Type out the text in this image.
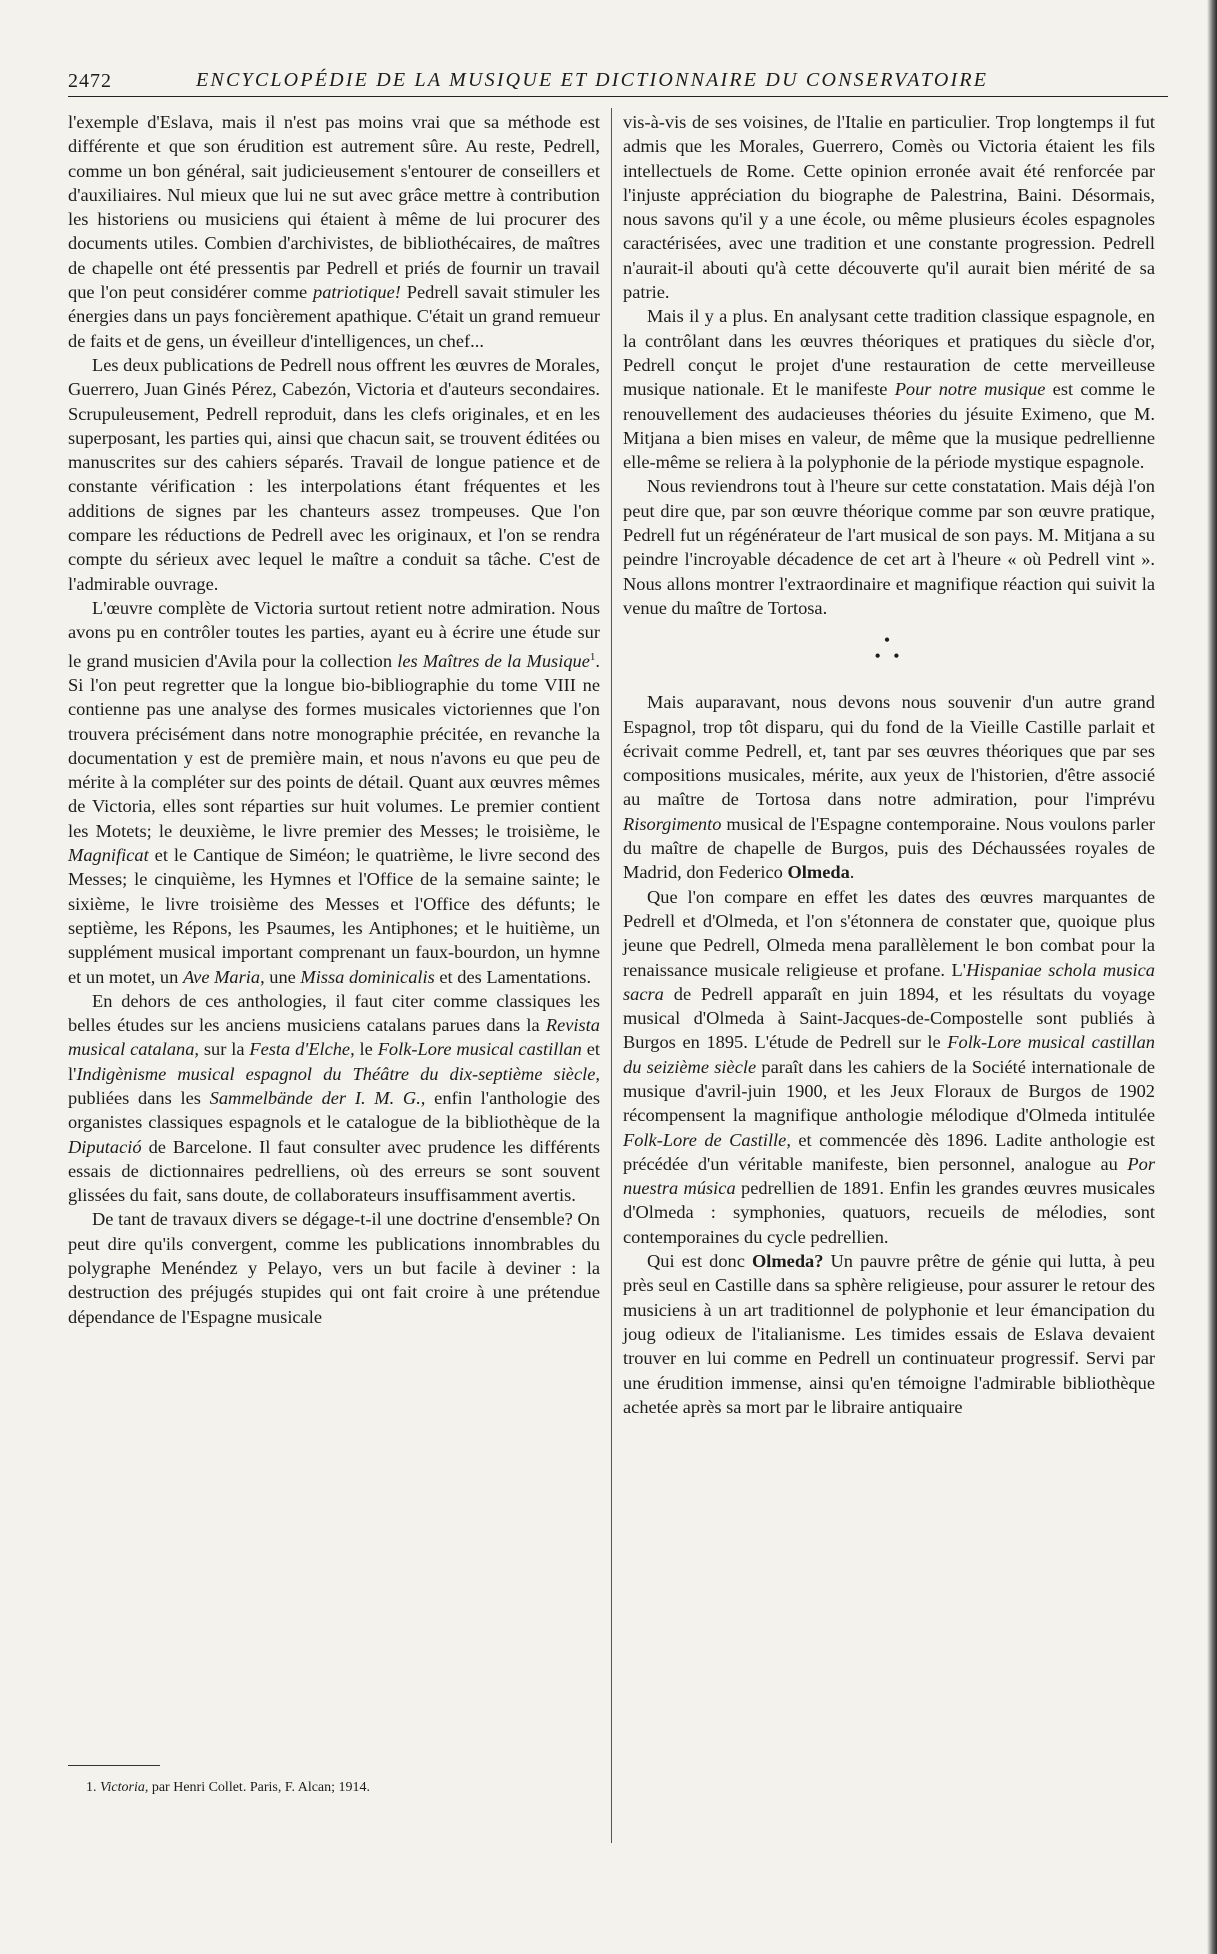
2472	ENCYCLOPÉDIE DE LA MUSIQUE ET DICTIONNAIRE DU CONSERVATOIRE

l'exemple d'Eslava, mais il n'est pas moins vrai que sa méthode est différente et que son érudition est autrement sûre. Au reste, Pedrell, comme un bon général, sait judicieusement s'entourer de conseillers et d'auxiliaires. Nul mieux que lui ne sut avec grâce mettre à contribution les historiens ou musiciens qui étaient à même de lui procurer des documents utiles. Combien d'archivistes, de bibliothécaires, de maîtres de chapelle ont été pressentis par Pedrell et priés de fournir un travail que l'on peut considérer comme patriotique! Pedrell savait stimuler les énergies dans un pays foncièrement apathique. C'était un grand remueur de faits et de gens, un éveilleur d'intelligences, un chef...

Les deux publications de Pedrell nous offrent les œuvres de Morales, Guerrero, Juan Ginés Pérez, Cabezón, Victoria et d'auteurs secondaires. Scrupuleusement, Pedrell reproduit, dans les clefs originales, et en les superposant, les parties qui, ainsi que chacun sait, se trouvent éditées ou manuscrites sur des cahiers séparés. Travail de longue patience et de constante vérification : les interpolations étant fréquentes et les additions de signes par les chanteurs assez trompeuses. Que l'on compare les réductions de Pedrell avec les originaux, et l'on se rendra compte du sérieux avec lequel le maître a conduit sa tâche. C'est de l'admirable ouvrage.

L'œuvre complète de Victoria surtout retient notre admiration. Nous avons pu en contrôler toutes les parties, ayant eu à écrire une étude sur le grand musicien d'Avila pour la collection les Maîtres de la Musique$^1$. Si l'on peut regretter que la longue bio-bibliographie du tome VIII ne contienne pas une analyse des formes musicales victoriennes que l'on trouvera précisément dans notre monographie précitée, en revanche la documentation y est de première main, et nous n'avons eu que peu de mérite à la compléter sur des points de détail. Quant aux œuvres mêmes de Victoria, elles sont réparties sur huit volumes. Le premier contient les Motets; le deuxième, le livre premier des Messes; le troisième, le Magnificat et le Cantique de Siméon; le quatrième, le livre second des Messes; le cinquième, les Hymnes et l'Office de la semaine sainte; le sixième, le livre troisième des Messes et l'Office des défunts; le septième, les Répons, les Psaumes, les Antiphones; et le huitième, un supplément musical important comprenant un faux-bourdon, un hymne et un motet, un Ave Maria, une Missa dominicalis et des Lamentations.

En dehors de ces anthologies, il faut citer comme classiques les belles études sur les anciens musiciens catalans parues dans la Revista musical catalana, sur la Festa d'Elche, le Folk-Lore musical castillan et l'Indigènisme musical espagnol du Théâtre du dix-septième siècle, publiées dans les Sammelbände der I. M. G., enfin l'anthologie des organistes classiques espagnols et le catalogue de la bibliothèque de la Diputació de Barcelone. Il faut consulter avec prudence les différents essais de dictionnaires pedrelliens, où des erreurs se sont souvent glissées du fait, sans doute, de collaborateurs insuffisamment avertis.

De tant de travaux divers se dégage-t-il une doctrine d'ensemble? On peut dire qu'ils convergent, comme les publications innombrables du polygraphe Menéndez y Pelayo, vers un but facile à deviner : la destruction des préjugés stupides qui ont fait croire à une prétendue dépendance de l'Espagne musicale

vis-à-vis de ses voisines, de l'Italie en particulier. Trop longtemps il fut admis que les Morales, Guerrero, Comès ou Victoria étaient les fils intellectuels de Rome. Cette opinion erronée avait été renforcée par l'injuste appréciation du biographe de Palestrina, Baini. Désormais, nous savons qu'il y a une école, ou même plusieurs écoles espagnoles caractérisées, avec une tradition et une constante progression. Pedrell n'aurait-il abouti qu'à cette découverte qu'il aurait bien mérité de sa patrie.

Mais il y a plus. En analysant cette tradition classique espagnole, en la contrôlant dans les œuvres théoriques et pratiques du siècle d'or, Pedrell conçut le projet d'une restauration de cette merveilleuse musique nationale. Et le manifeste Pour notre musique est comme le renouvellement des audacieuses théories du jésuite Eximeno, que M. Mitjana a bien mises en valeur, de même que la musique pedrellienne elle-même se reliera à la polyphonie de la période mystique espagnole.

Nous reviendrons tout à l'heure sur cette constatation. Mais déjà l'on peut dire que, par son œuvre théorique comme par son œuvre pratique, Pedrell fut un régénérateur de l'art musical de son pays. M. Mitjana a su peindre l'incroyable décadence de cet art à l'heure « où Pedrell vint ». Nous allons montrer l'extraordinaire et magnifique réaction qui suivit la venue du maître de Tortosa.

•
• •

Mais auparavant, nous devons nous souvenir d'un autre grand Espagnol, trop tôt disparu, qui du fond de la Vieille Castille parlait et écrivait comme Pedrell, et, tant par ses œuvres théoriques que par ses compositions musicales, mérite, aux yeux de l'historien, d'être associé au maître de Tortosa dans notre admiration, pour l'imprévu Risorgimento musical de l'Espagne contemporaine. Nous voulons parler du maître de chapelle de Burgos, puis des Déchaussées royales de Madrid, don Federico Olmeda.

Que l'on compare en effet les dates des œuvres marquantes de Pedrell et d'Olmeda, et l'on s'étonnera de constater que, quoique plus jeune que Pedrell, Olmeda mena parallèlement le bon combat pour la renaissance musicale religieuse et profane. L'Hispaniae schola musica sacra de Pedrell apparaît en juin 1894, et les résultats du voyage musical d'Olmeda à Saint-Jacques-de-Compostelle sont publiés à Burgos en 1895. L'étude de Pedrell sur le Folk-Lore musical castillan du seizième siècle paraît dans les cahiers de la Société internationale de musique d'avril-juin 1900, et les Jeux Floraux de Burgos de 1902 récompensent la magnifique anthologie mélodique d'Olmeda intitulée Folk-Lore de Castille, et commencée dès 1896. Ladite anthologie est précédée d'un véritable manifeste, bien personnel, analogue au Por nuestra música pedrellien de 1891. Enfin les grandes œuvres musicales d'Olmeda : symphonies, quatuors, recueils de mélodies, sont contemporaines du cycle pedrellien.

Qui est donc Olmeda? Un pauvre prêtre de génie qui lutta, à peu près seul en Castille dans sa sphère religieuse, pour assurer le retour des musiciens à un art traditionnel de polyphonie et leur émancipation du joug odieux de l'italianisme. Les timides essais de Eslava devaient trouver en lui comme en Pedrell un continuateur progressif. Servi par une érudition immense, ainsi qu'en témoigne l'admirable bibliothèque achetée après sa mort par le libraire antiquaire

1. Victoria, par Henri Collet. Paris, F. Alcan; 1914.
